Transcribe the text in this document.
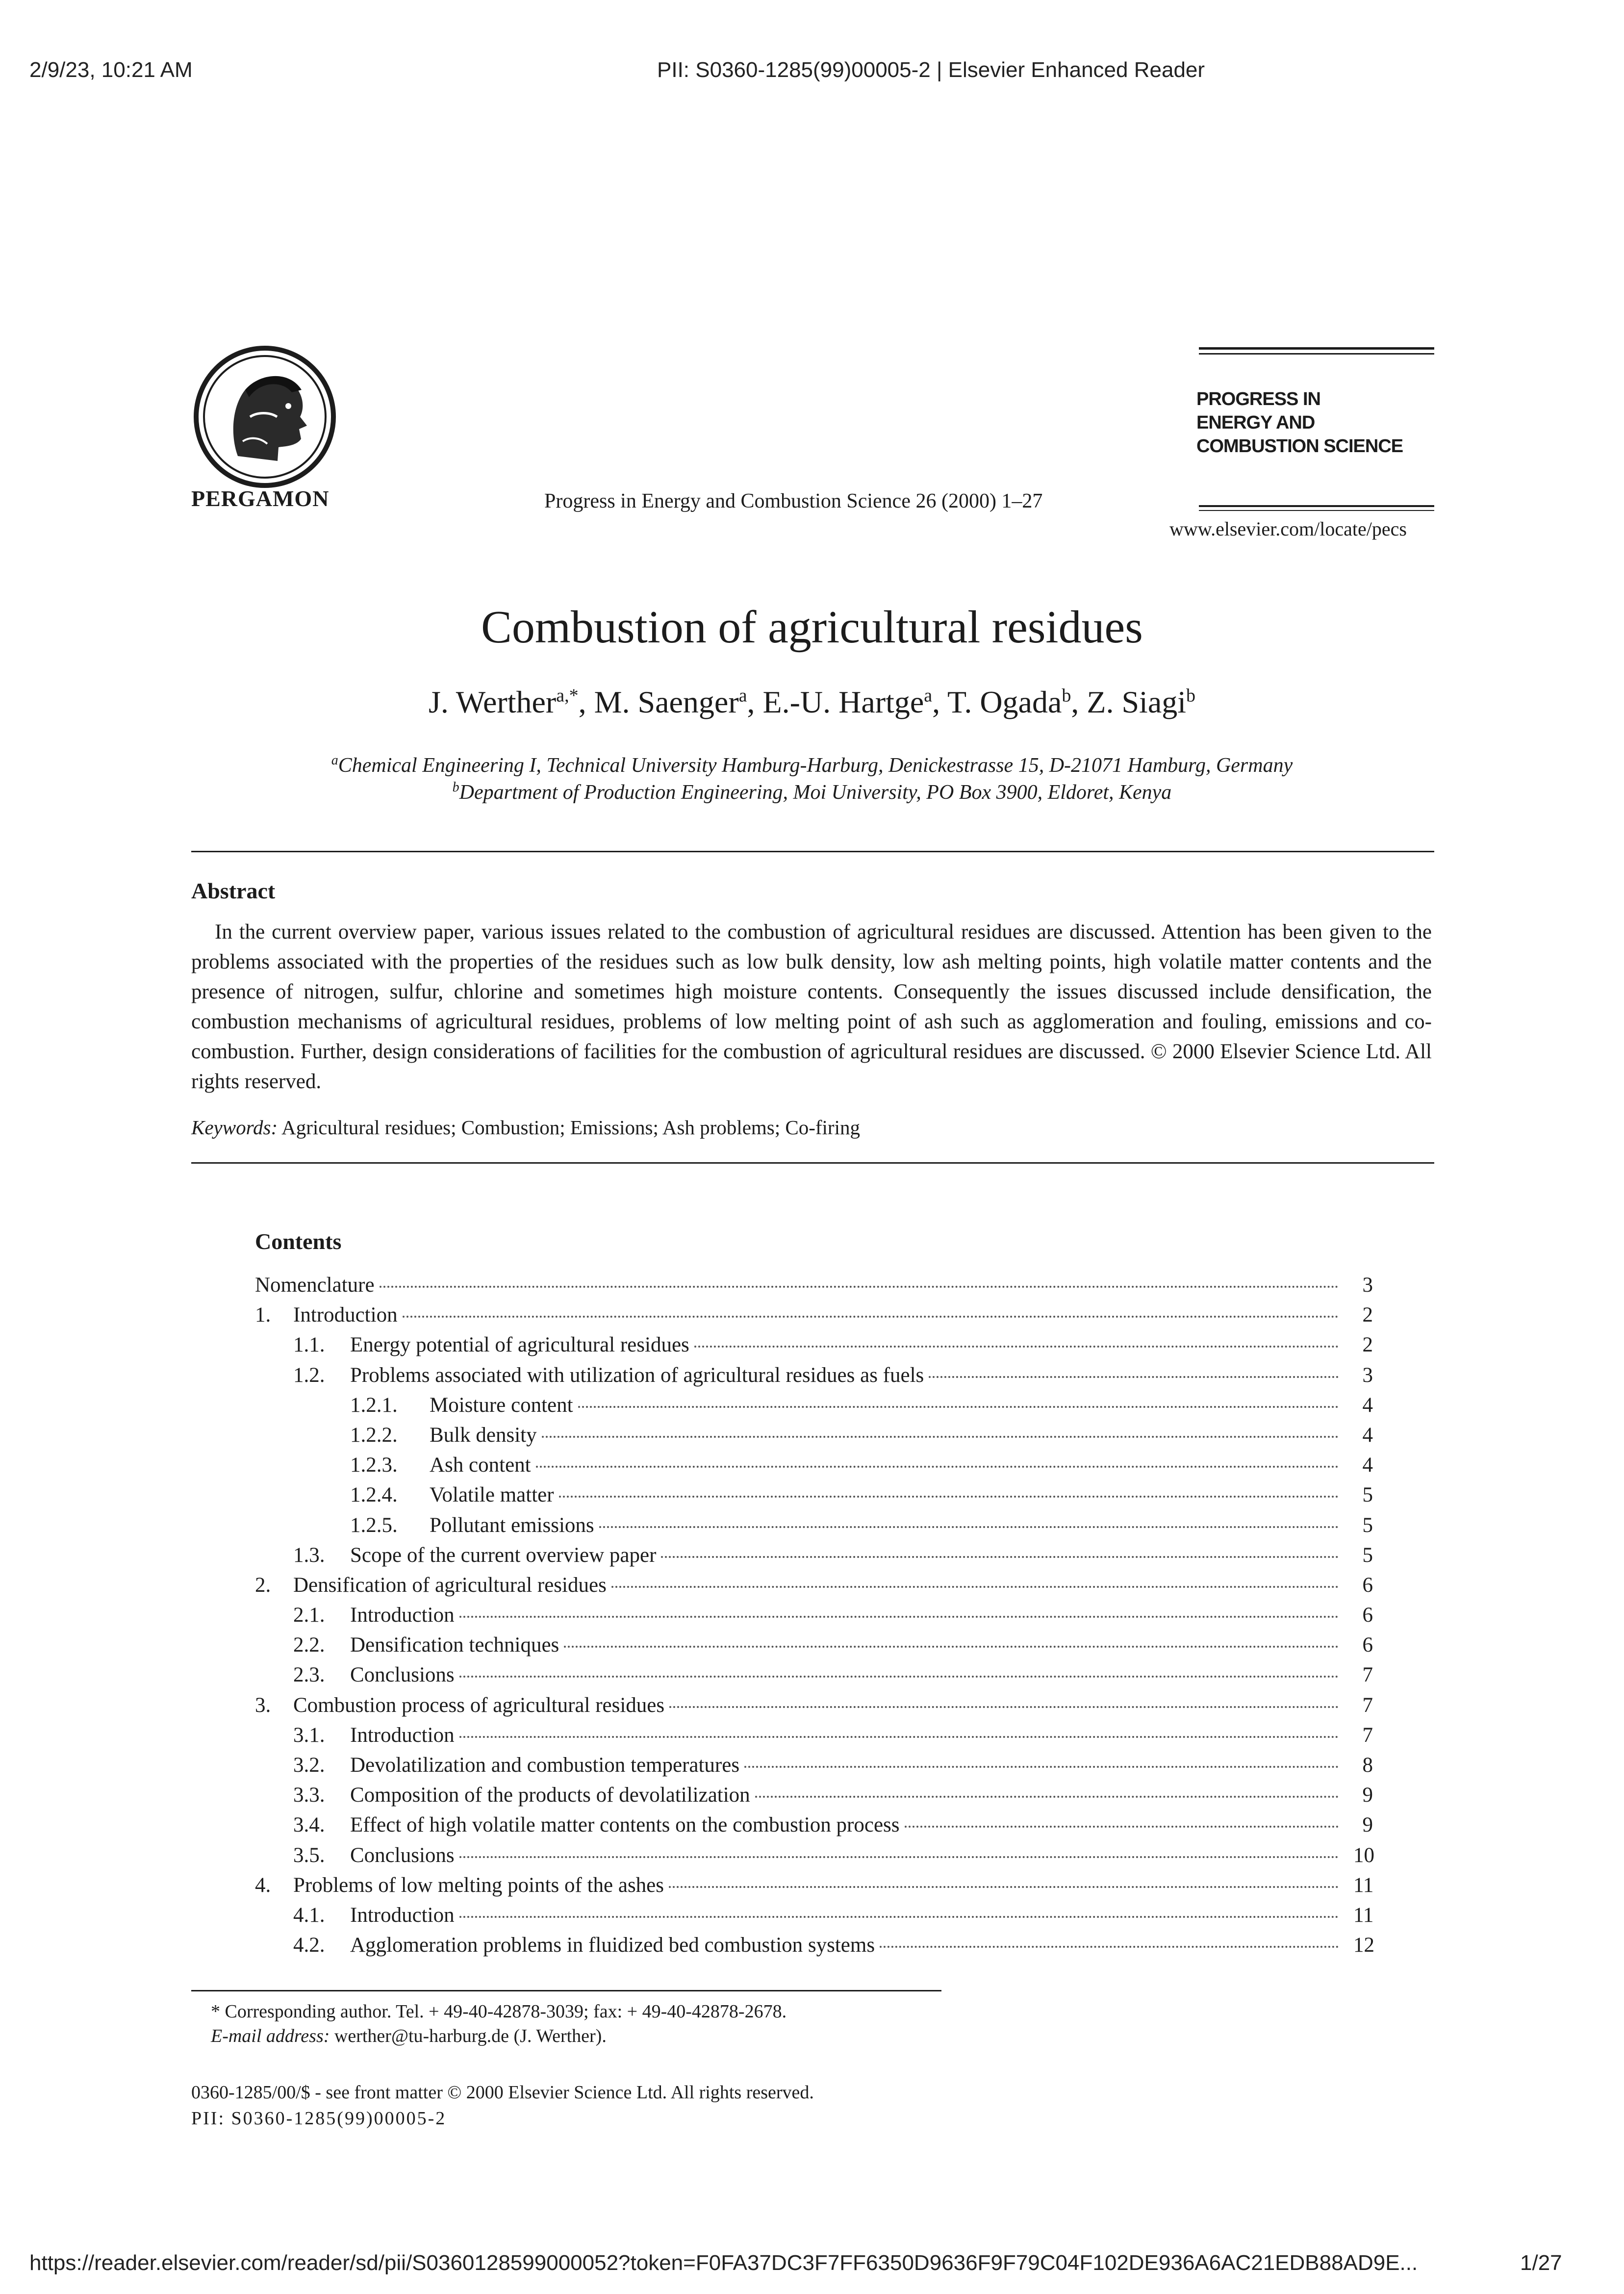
2/9/23, 10:21 AM	PII: S0360-1285(99)00005-2 | Elsevier Enhanced Reader
PERGAMON	Progress in Energy and Combustion Science 26 (2000) 1–27
PROGRESS IN
ENERGY AND
COMBUSTION SCIENCE
www.elsevier.com/locate/pecs
Combustion of agricultural residues
J. Werther$^{a,*}$, M. Saenger$^a$, E.-U. Hartge$^a$, T. Ogada$^b$, Z. Siagi$^b$
$^a$Chemical Engineering I, Technical University Hamburg-Harburg, Denickestrasse 15, D-21071 Hamburg, Germany
$^b$Department of Production Engineering, Moi University, PO Box 3900, Eldoret, Kenya
Abstract
In the current overview paper, various issues related to the combustion of agricultural residues are discussed. Attention has been given to the problems associated with the properties of the residues such as low bulk density, low ash melting points, high volatile matter contents and the presence of nitrogen, sulfur, chlorine and sometimes high moisture contents. Consequently the issues discussed include densification, the combustion mechanisms of agricultural residues, problems of low melting point of ash such as agglomeration and fouling, emissions and co-combustion. Further, design considerations of facilities for the combustion of agricultural residues are discussed. © 2000 Elsevier Science Ltd. All rights reserved.
Keywords: Agricultural residues; Combustion; Emissions; Ash problems; Co-firing
Contents
Nomenclature	3
1.	Introduction	2
1.1.	Energy potential of agricultural residues	2
1.2.	Problems associated with utilization of agricultural residues as fuels	3
1.2.1.	Moisture content	4
1.2.2.	Bulk density	4
1.2.3.	Ash content	4
1.2.4.	Volatile matter	5
1.2.5.	Pollutant emissions	5
1.3.	Scope of the current overview paper	5
2.	Densification of agricultural residues	6
2.1.	Introduction	6
2.2.	Densification techniques	6
2.3.	Conclusions	7
3.	Combustion process of agricultural residues	7
3.1.	Introduction	7
3.2.	Devolatilization and combustion temperatures	8
3.3.	Composition of the products of devolatilization	9
3.4.	Effect of high volatile matter contents on the combustion process	9
3.5.	Conclusions	10
4.	Problems of low melting points of the ashes	11
4.1.	Introduction	11
4.2.	Agglomeration problems in fluidized bed combustion systems	12
* Corresponding author. Tel. + 49-40-42878-3039; fax: + 49-40-42878-2678.
E-mail address: werther@tu-harburg.de (J. Werther).
0360-1285/00/$ - see front matter © 2000 Elsevier Science Ltd. All rights reserved.
PII: S0360-1285(99)00005-2
https://reader.elsevier.com/reader/sd/pii/S0360128599000052?token=F0FA37DC3F7FF6350D9636F9F79C04F102DE936A6AC21EDB88AD9E...	1/27
